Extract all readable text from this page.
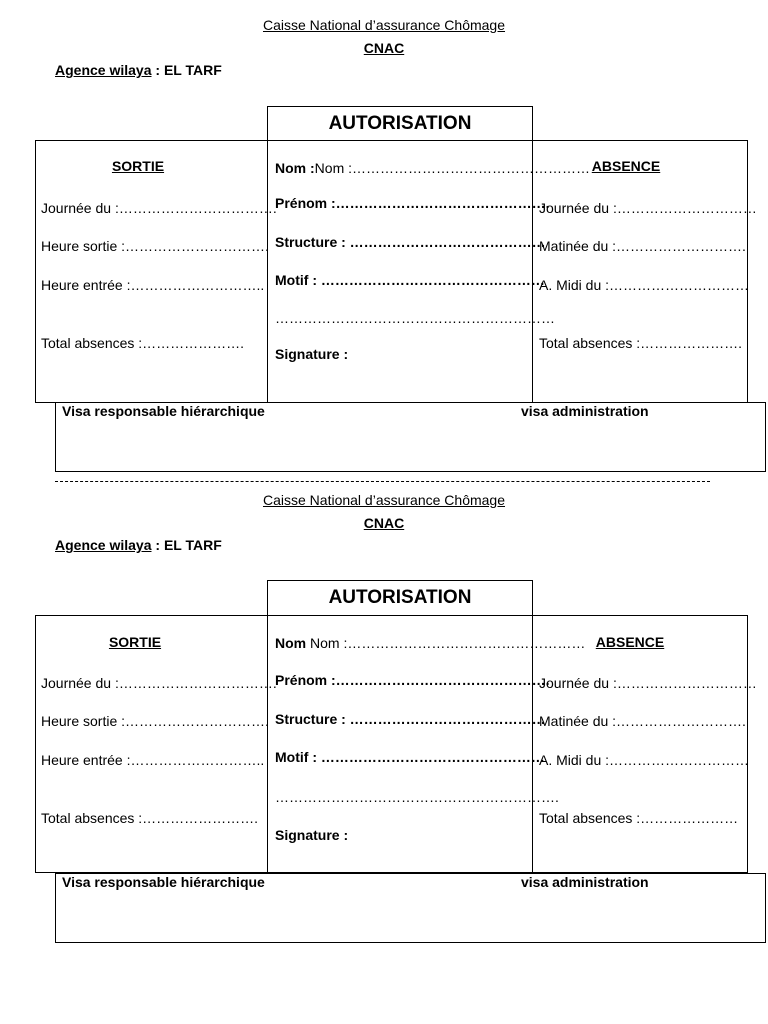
Caisse National d’assurance Chômage
CNAC
Agence wilaya : EL TARF
AUTORISATION
SORTIE
Journée du :…………………………….
Heure sortie :………………………….
Heure entrée :………………………..
Total absences :………………….
Nom :Nom :……………………………………………
Prénom :……………………………………….
Structure : ……………………………………
Motif : …………………………………………
……………………………………………………
Signature :
ABSENCE
Journée du :…………………………
Matinée du :……………………….
A. Midi du :…………………………
Total absences :………………….
Visa responsable hiérarchique	visa administration
Caisse National d’assurance Chômage
CNAC
Agence wilaya : EL TARF
AUTORISATION
SORTIE
Journée du :…………………………….
Heure sortie :………………………….
Heure entrée :………………………..
Total absences :…………………….
Nom Nom :……………………………………………
Prénom :……………………………………….
Structure : ……………………………………
Motif : …………………………………………
…………………………………………………….
Signature :
ABSENCE
Journée du :…………………………
Matinée du :……………………….
A. Midi du :…………………………
Total absences :…………………
Visa responsable hiérarchique	visa administration
